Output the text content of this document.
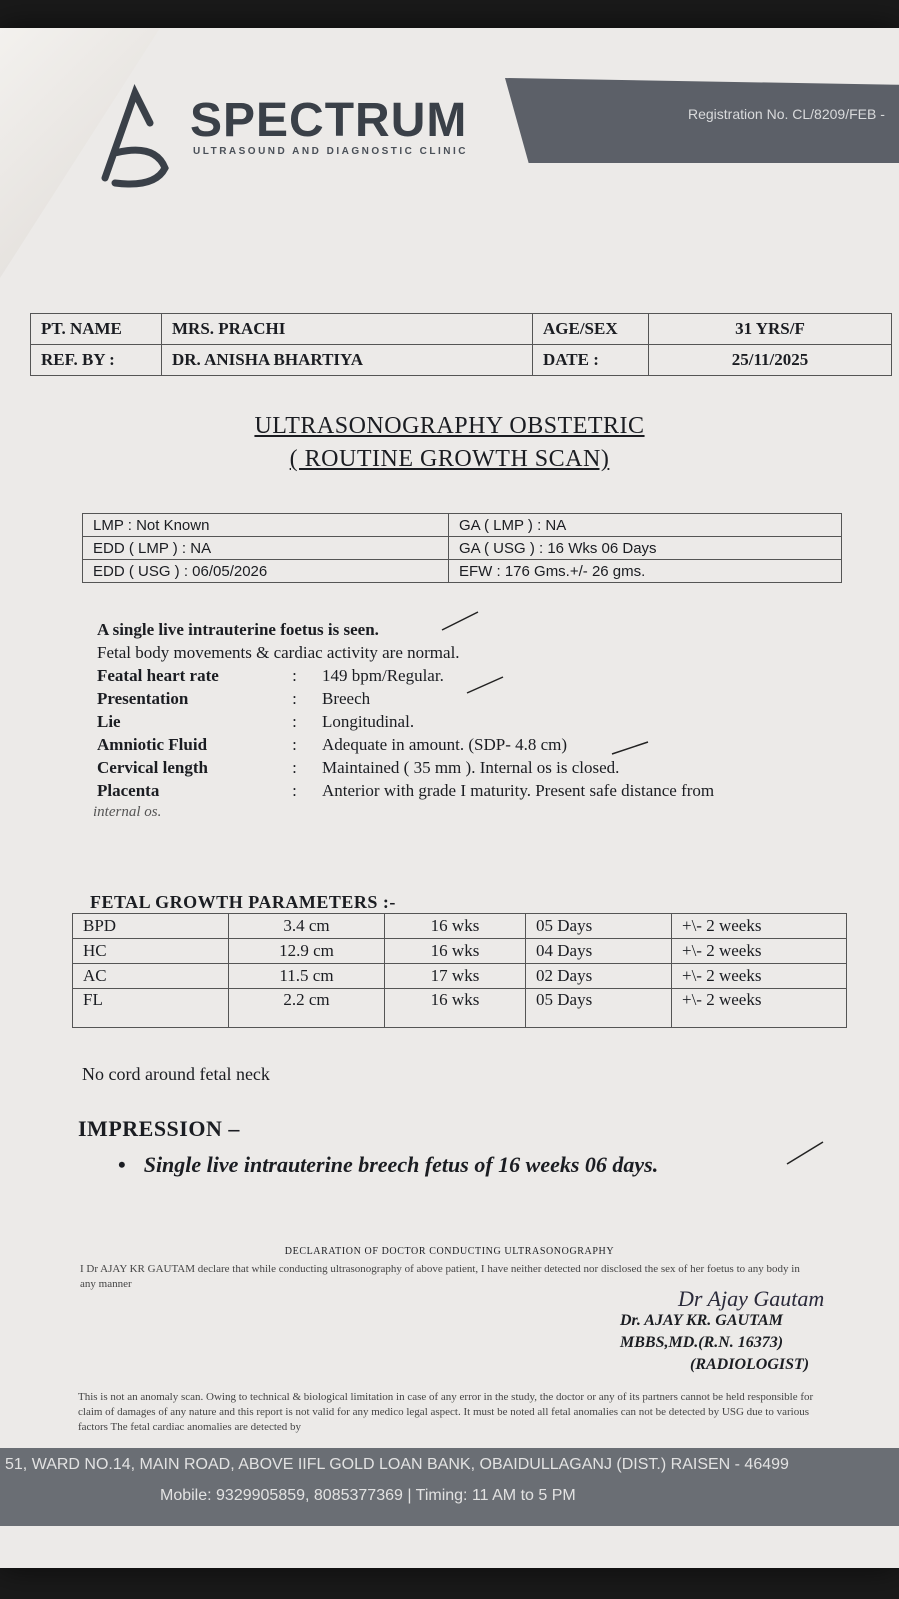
SPECTRUM
ULTRASOUND AND DIAGNOSTIC CLINIC
Registration No. CL/8209/FEB -
PT. NAME	MRS. PRACHI	AGE/SEX	31 YRS/F
REF. BY :	DR. ANISHA BHARTIYA	DATE :	25/11/2025
ULTRASONOGRAPHY OBSTETRIC
( ROUTINE GROWTH SCAN)
LMP : Not Known	GA ( LMP ) : NA
EDD ( LMP ) : NA	GA ( USG ) : 16 Wks 06 Days
EDD ( USG ) : 06/05/2026	EFW : 176 Gms.+/- 26 gms.
A single live intrauterine foetus is seen.
Fetal body movements & cardiac activity are normal.
Featal heart rate	:	149 bpm/Regular.
Presentation	:	Breech
Lie	:	Longitudinal.
Amniotic Fluid	:	Adequate in amount. (SDP- 4.8 cm)
Cervical length	:	Maintained ( 35 mm ). Internal os is closed.
Placenta	:	Anterior with grade I maturity. Present safe distance from
internal os.
FETAL GROWTH PARAMETERS :-
BPD	3.4 cm	16 wks	05 Days	+\- 2 weeks
HC	12.9 cm	16 wks	04 Days	+\- 2 weeks
AC	11.5 cm	17 wks	02 Days	+\- 2 weeks
FL	2.2 cm	16 wks	05 Days	+\- 2 weeks
No cord around fetal neck
IMPRESSION –
• Single live intrauterine breech fetus of 16 weeks 06 days.
DECLARATION OF DOCTOR CONDUCTING ULTRASONOGRAPHY
I Dr AJAY KR GAUTAM declare that while conducting ultrasonography of above patient, I have neither detected nor disclosed the sex of her foetus to any body in any manner
Dr Ajay Gautam
Dr. AJAY KR. GAUTAM
MBBS,MD.(R.N. 16373)
(RADIOLOGIST)
This is not an anomaly scan. Owing to technical & biological limitation in case of any error in the study, the doctor or any of its partners cannot be held responsible for claim of damages of any nature and this report is not valid for any medico legal aspect. It must be noted all fetal anomalies can not be detected by USG due to various factors The fetal cardiac anomalies are detected by
51, WARD NO.14, MAIN ROAD, ABOVE IIFL GOLD LOAN BANK, OBAIDULLAGANJ (DIST.) RAISEN - 46499
Mobile: 9329905859, 8085377369 | Timing: 11 AM to 5 PM
